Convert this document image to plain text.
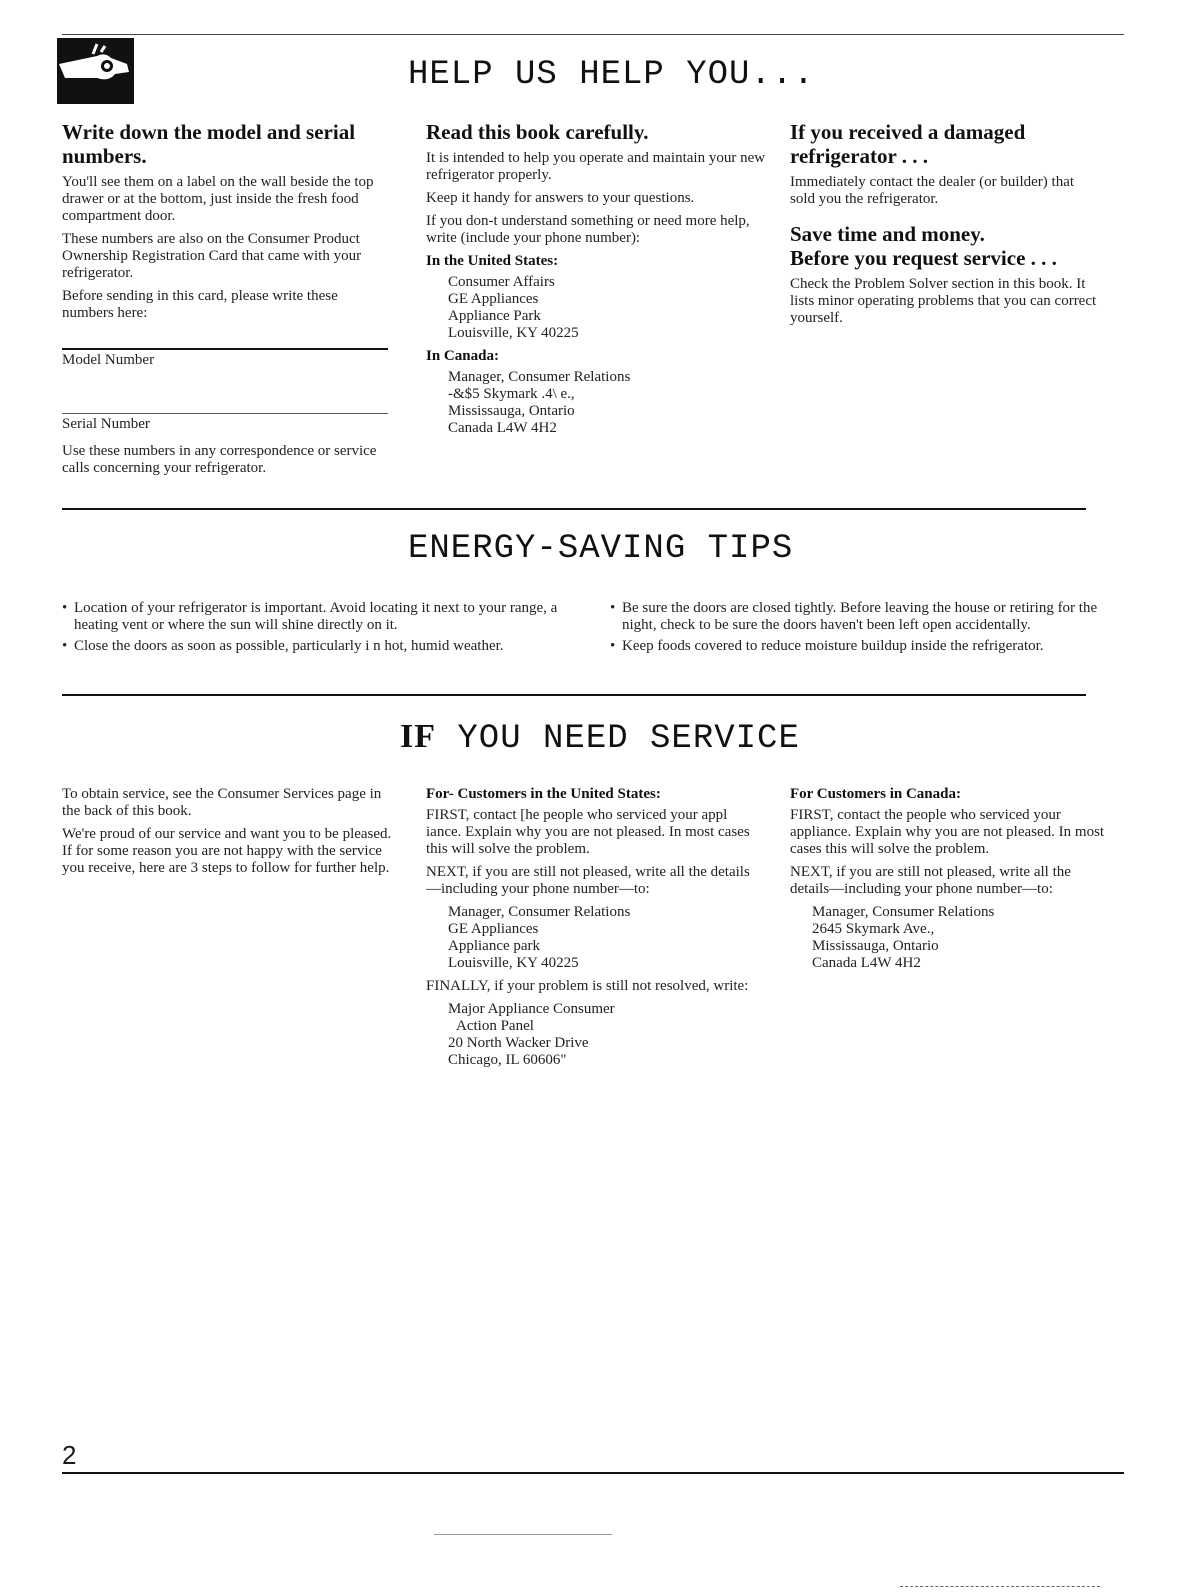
HELP US HELP YOU...
Write down the model and serial numbers.

You'll see them on a label on the wall beside the top drawer or at the bottom, just inside the fresh food compartment door.

These numbers are also on the Consumer Product Ownership Registration Card that came with your refrigerator.

Before sending in this card, please write these numbers here:

Model Number
Serial Number

Use these numbers in any correspondence or service calls concerning your refrigerator.

Read this book carefully.

It is intended to help you operate and maintain your new refrigerator properly.

Keep it handy for answers to your questions.

If you don-t understand something or need more help, write (include your phone number):

In the United States:
Consumer Affairs
GE Appliances
Appliance Park
Louisville, KY 40225
In Canada:
Manager, Consumer Relations
-&$5 Skymark .4\ e.,
Mississauga, Ontario
Canada L4W 4H2
If you received a damaged refrigerator . . .

Immediately contact the dealer (or builder) that sold you the refrigerator.

Save time and money.
Before you request service . . .

Check the Problem Solver section in this book. It lists minor operating problems that you can correct yourself.

ENERGY-SAVING TIPS

• Location of your refrigerator is important. Avoid locating it next to your range, a heating vent or where the sun will shine directly on it.

• Close the doors as soon as possible, particularly i n hot, humid weather.

• Be sure the doors are closed tightly. Before leaving the house or retiring for the night, check to be sure the doors haven't been left open accidentally.

• Keep foods covered to reduce moisture buildup inside the refrigerator.

IF YOU NEED SERVICE

To obtain service, see the Consumer Services page in the back of this book.

We're proud of our service and want you to be pleased. If for some reason you are not happy with the service you receive, here are 3 steps to follow for further help.

For- Customers in the United States:

FIRST, contact [he people who serviced your appl iance. Explain why you are not pleased. In most cases this will solve the problem.

NEXT, if you are still not pleased, write all the details—including your phone number—to:

Manager, Consumer Relations
GE Appliances
Appliance park
Louisville, KY 40225

FINALLY, if your problem is still not resolved, write:

Major Appliance Consumer
Action Panel
20 North Wacker Drive
Chicago, IL 60606"
For Customers in Canada:

FIRST, contact the people who serviced your appliance. Explain why you are not pleased. In most cases this will solve the problem.

NEXT, if you are still not pleased, write all the details—including your phone number—to:

Manager, Consumer Relations
2645 Skymark Ave.,
Mississauga, Ontario
Canada L4W 4H2
2
